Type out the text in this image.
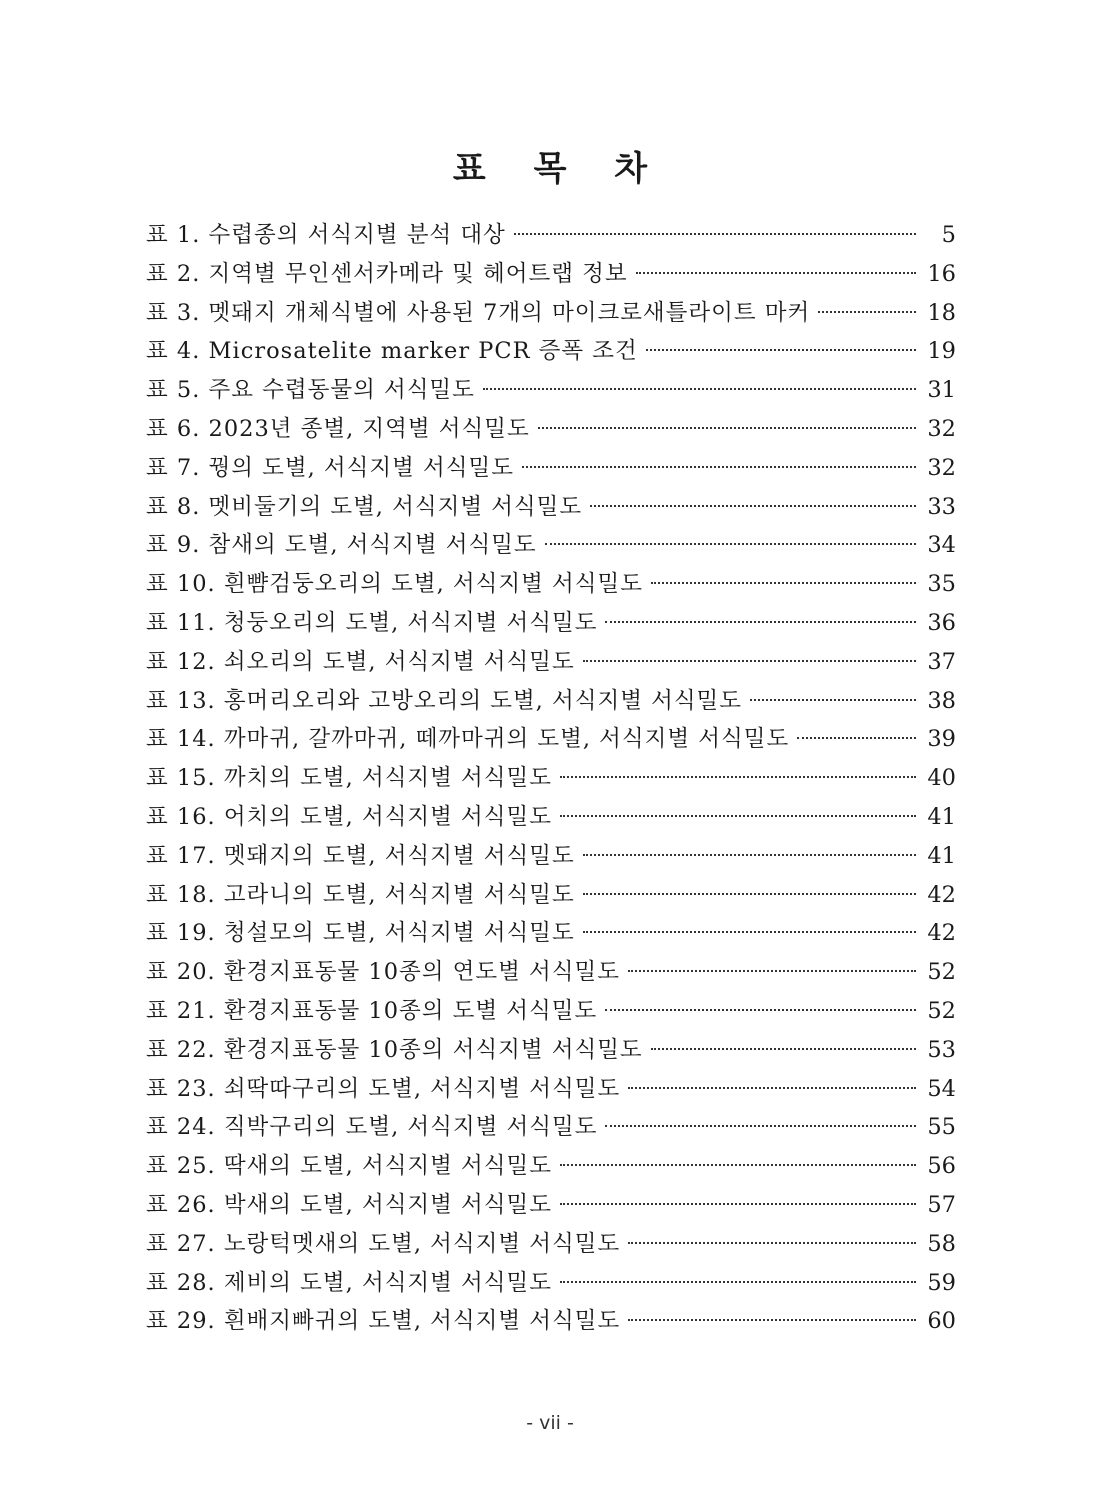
표 목 차
표 1. 수렵종의 서식지별 분석 대상	5
표 2. 지역별 무인센서카메라 및 헤어트랩 정보	16
표 3. 멧돼지 개체식별에 사용된 7개의 마이크로새틀라이트 마커	18
표 4. Microsatelite marker PCR 증폭 조건	19
표 5. 주요 수렵동물의 서식밀도	31
표 6. 2023년 종별, 지역별 서식밀도	32
표 7. 꿩의 도별, 서식지별 서식밀도	32
표 8. 멧비둘기의 도별, 서식지별 서식밀도	33
표 9. 참새의 도별, 서식지별 서식밀도	34
표 10. 흰뺨검둥오리의 도별, 서식지별 서식밀도	35
표 11. 청둥오리의 도별, 서식지별 서식밀도	36
표 12. 쇠오리의 도별, 서식지별 서식밀도	37
표 13. 홍머리오리와 고방오리의 도별, 서식지별 서식밀도	38
표 14. 까마귀, 갈까마귀, 떼까마귀의 도별, 서식지별 서식밀도	39
표 15. 까치의 도별, 서식지별 서식밀도	40
표 16. 어치의 도별, 서식지별 서식밀도	41
표 17. 멧돼지의 도별, 서식지별 서식밀도	41
표 18. 고라니의 도별, 서식지별 서식밀도	42
표 19. 청설모의 도별, 서식지별 서식밀도	42
표 20. 환경지표동물 10종의 연도별 서식밀도	52
표 21. 환경지표동물 10종의 도별 서식밀도	52
표 22. 환경지표동물 10종의 서식지별 서식밀도	53
표 23. 쇠딱따구리의 도별, 서식지별 서식밀도	54
표 24. 직박구리의 도별, 서식지별 서식밀도	55
표 25. 딱새의 도별, 서식지별 서식밀도	56
표 26. 박새의 도별, 서식지별 서식밀도	57
표 27. 노랑턱멧새의 도별, 서식지별 서식밀도	58
표 28. 제비의 도별, 서식지별 서식밀도	59
표 29. 흰배지빠귀의 도별, 서식지별 서식밀도	60
- vii -
